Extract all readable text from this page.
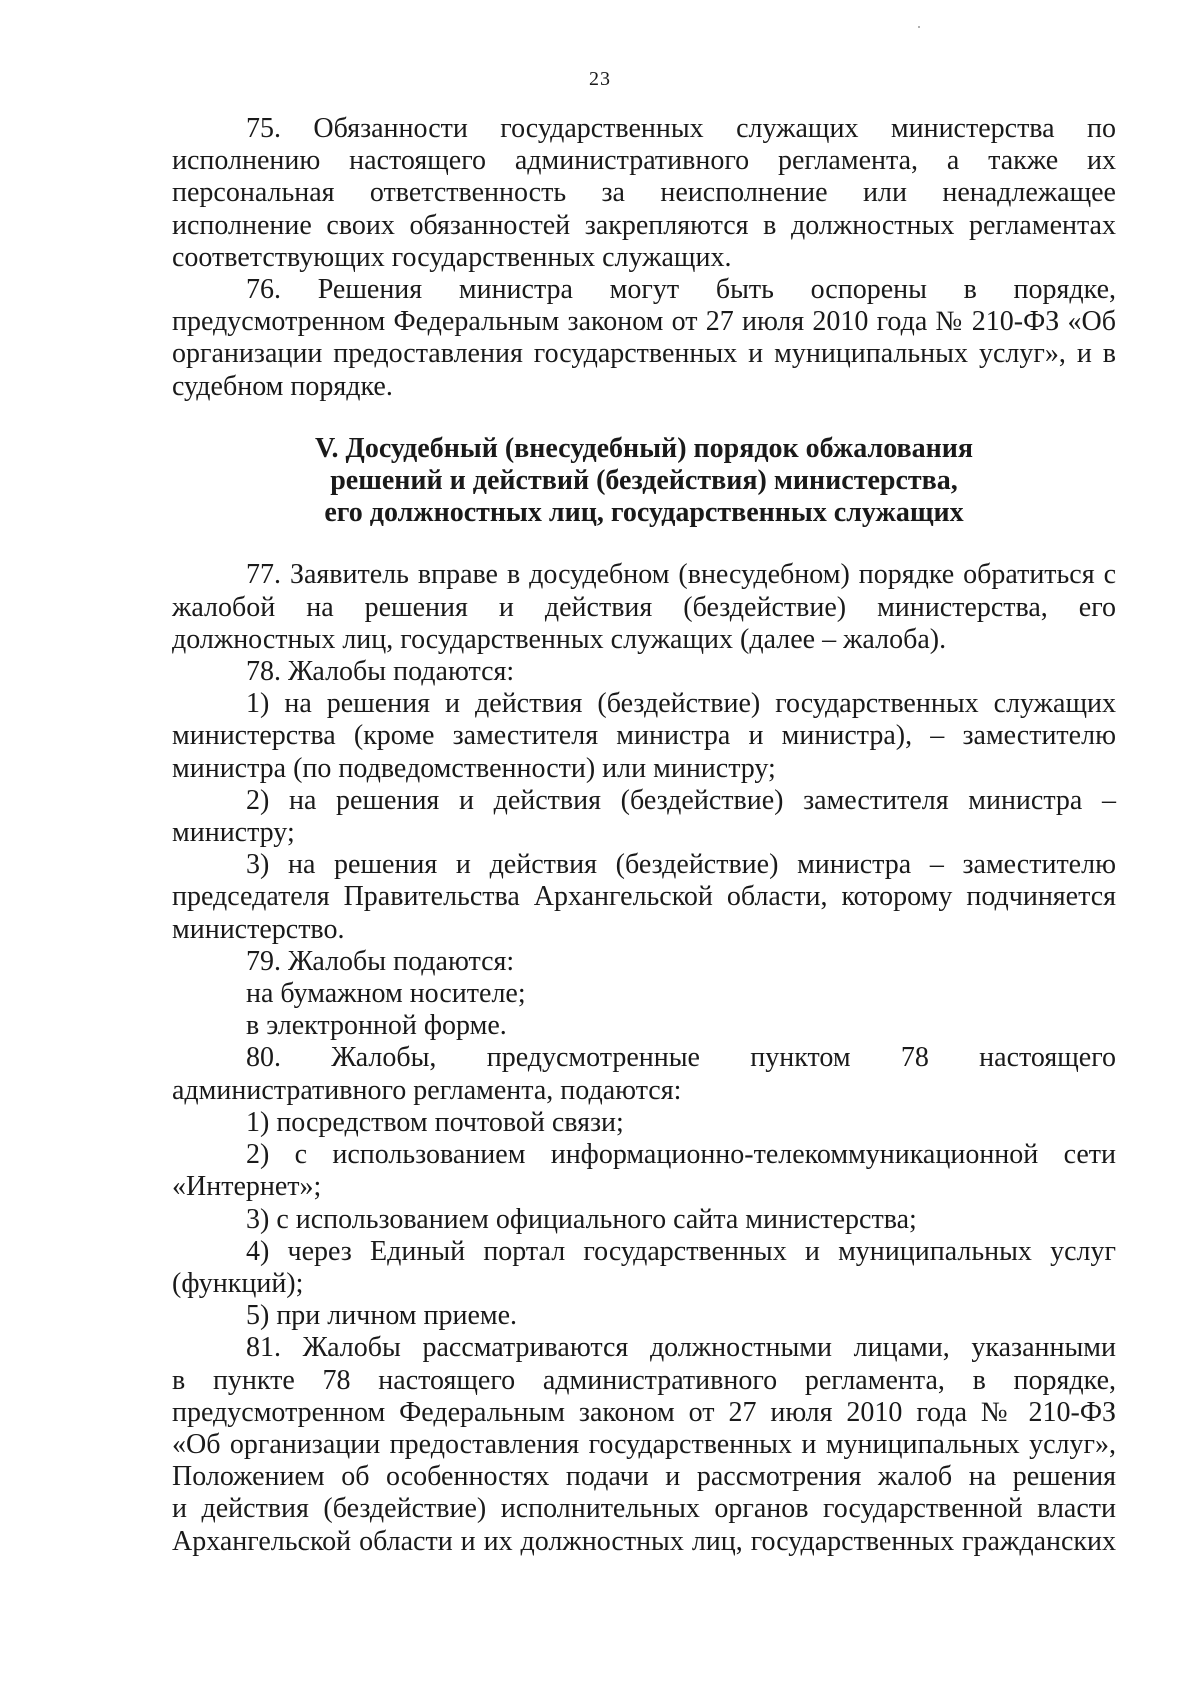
23

75. Обязанности государственных служащих министерства по исполнению настоящего административного регламента, а также их персональная ответственность за неисполнение или ненадлежащее исполнение своих обязанностей закрепляются в должностных регламентах соответствующих государственных служащих.

76. Решения министра могут быть оспорены в порядке, предусмотренном Федеральным законом от 27 июля 2010 года № 210-ФЗ «Об организации предоставления государственных и муниципальных услуг», и в судебном порядке.

V. Досудебный (внесудебный) порядок обжалования

решений и действий (бездействия) министерства,

его должностных лиц, государственных служащих

77. Заявитель вправе в досудебном (внесудебном) порядке обратиться с жалобой на решения и действия (бездействие) министерства, его должностных лиц, государственных служащих (далее – жалоба).

78. Жалобы подаются:

1) на решения и действия (бездействие) государственных служащих министерства (кроме заместителя министра и министра), – заместителю министра (по подведомственности) или министру;

2) на решения и действия (бездействие) заместителя министра – министру;

3) на решения и действия (бездействие) министра – заместителю председателя Правительства Архангельской области, которому подчиняется министерство.

79. Жалобы подаются:

на бумажном носителе;

в электронной форме.

80. Жалобы, предусмотренные пунктом 78 настоящего административного регламента, подаются:

1) посредством почтовой связи;

2) с использованием информационно-телекоммуникационной сети «Интернет»;

3) с использованием официального сайта министерства;

4) через Единый портал государственных и муниципальных услуг (функций);

5) при личном приеме.

81. Жалобы рассматриваются должностными лицами, указанными

в пункте 78 настоящего административного регламента, в порядке,

предусмотренном Федеральным законом от 27 июля 2010 года № 210-ФЗ

«Об организации предоставления государственных и муниципальных услуг»,

Положением об особенностях подачи и рассмотрения жалоб на решения

и действия (бездействие) исполнительных органов государственной власти

Архангельской области и их должностных лиц, государственных гражданских
